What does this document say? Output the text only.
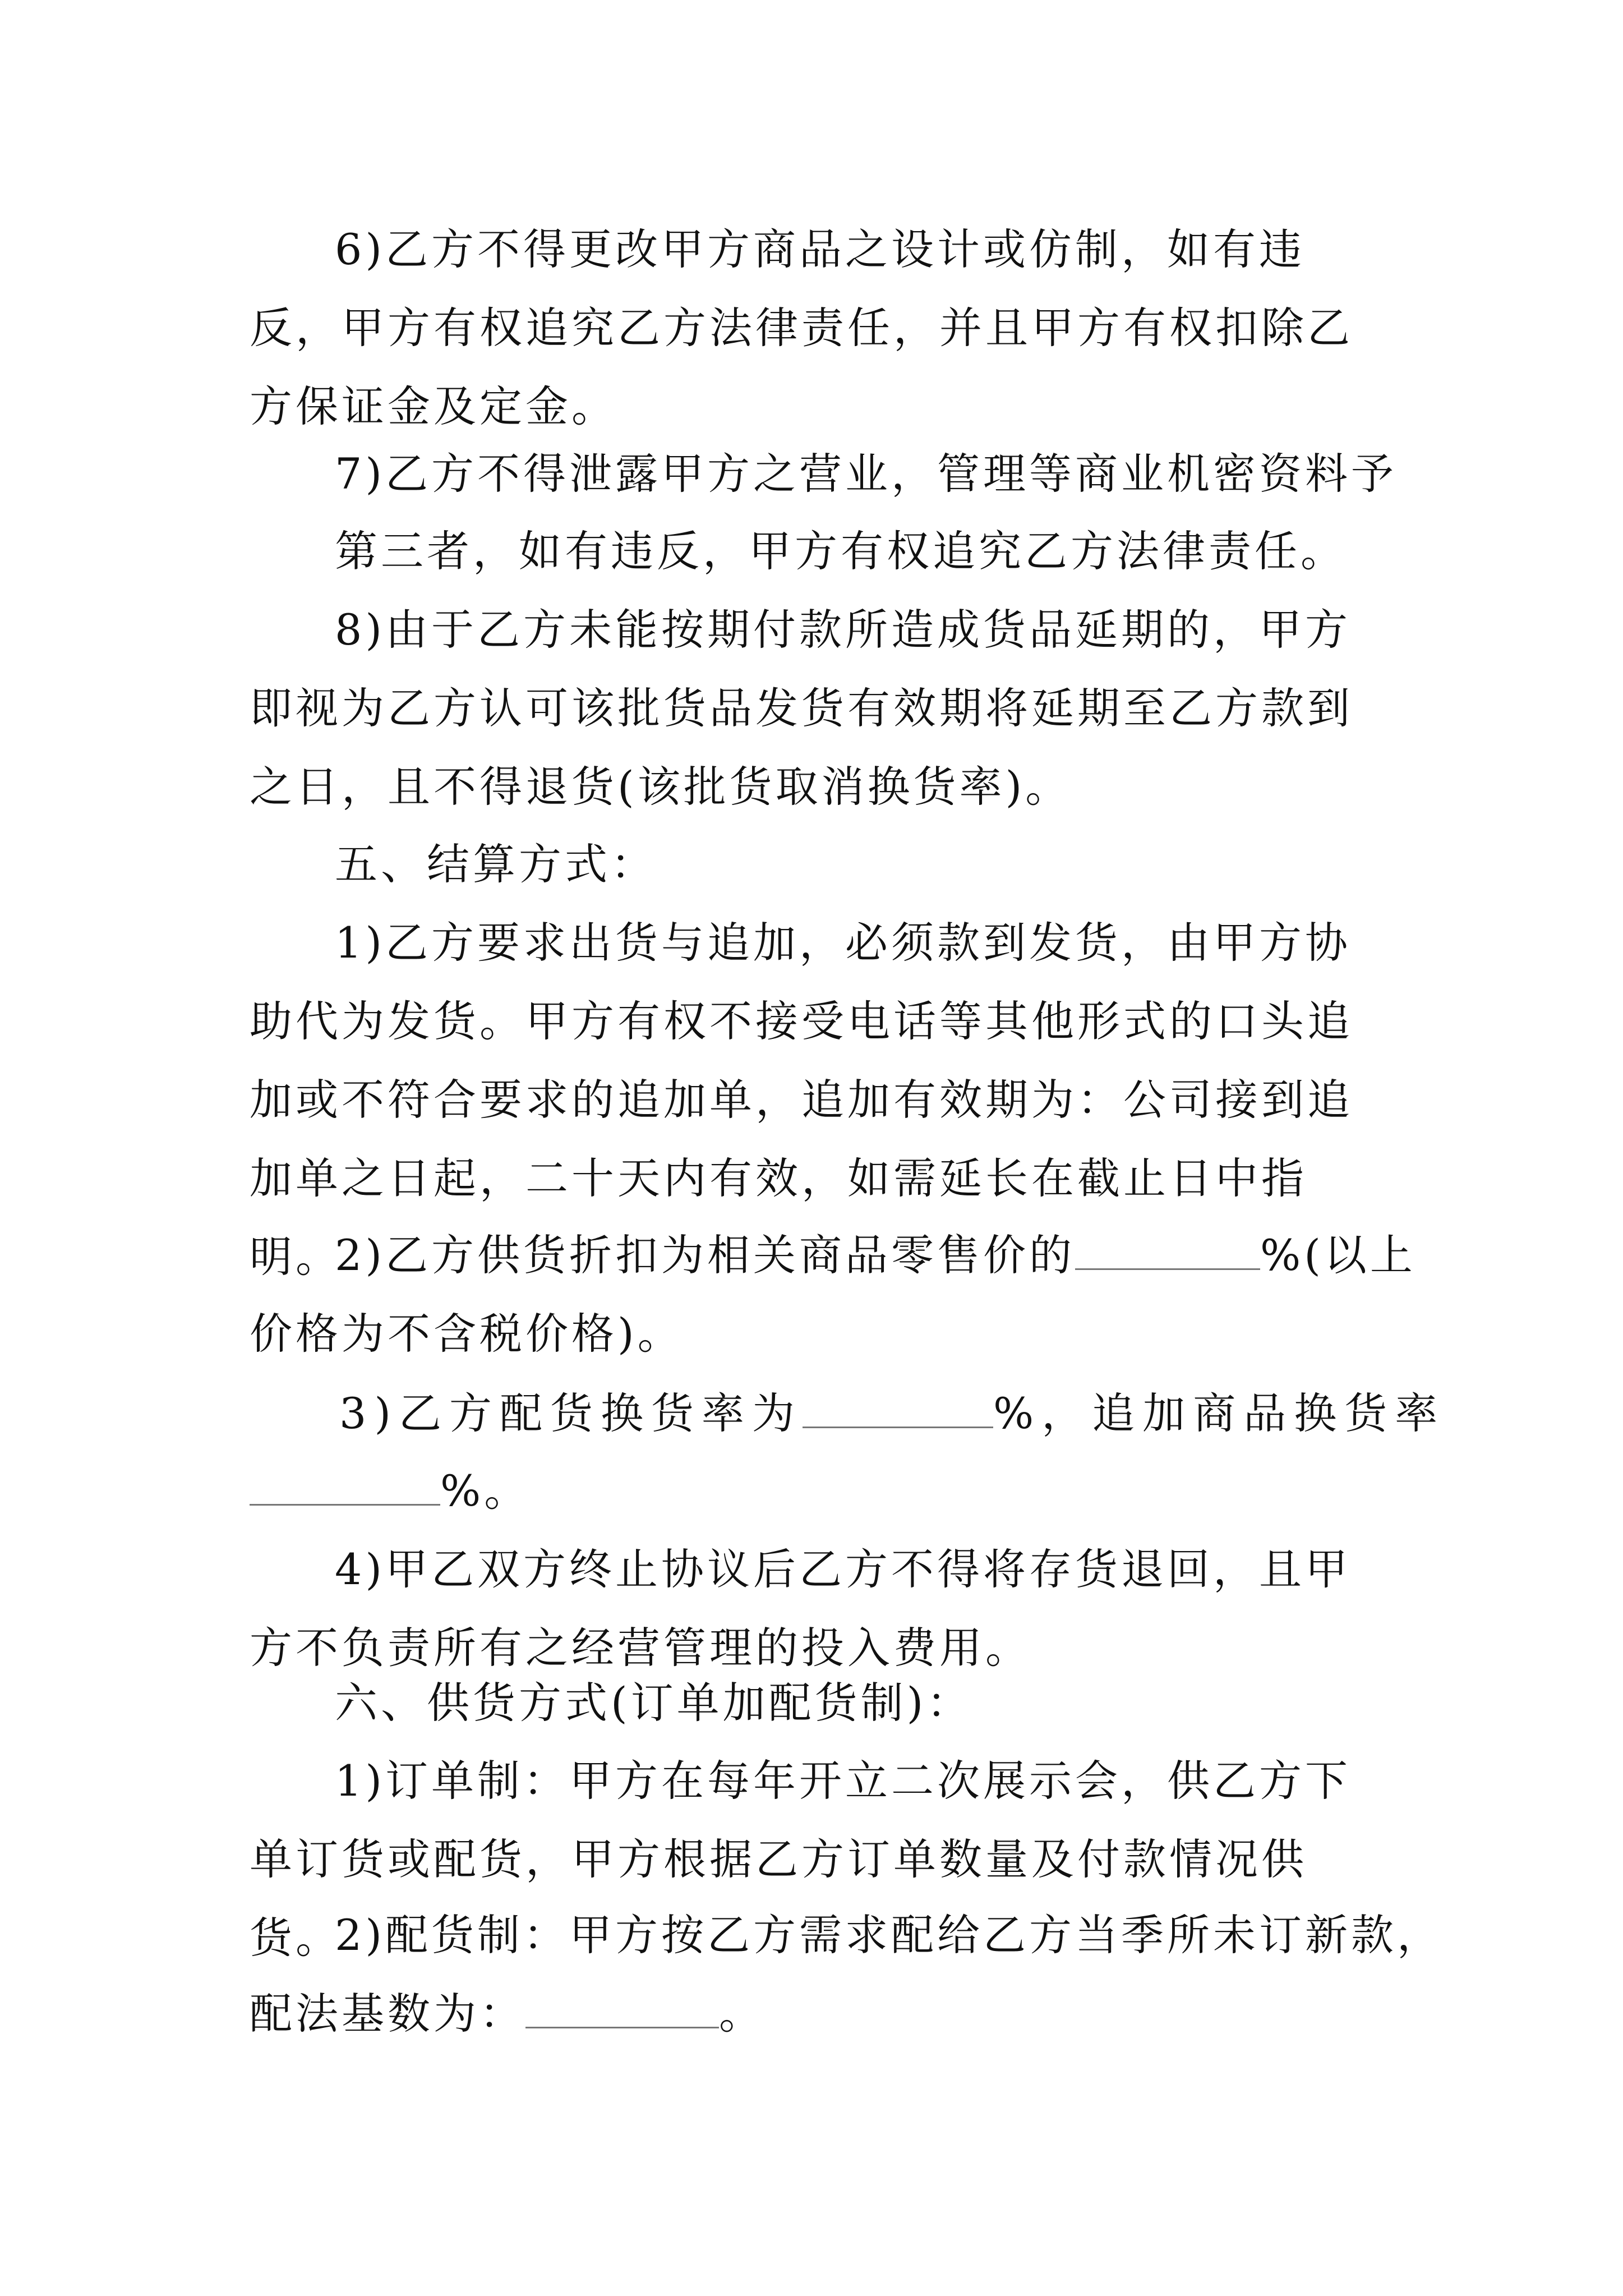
6)乙方不得更改甲方商品之设计或仿制，如有违反，甲方有权追究乙方法律责任，并且甲方有权扣除乙方保证金及定金。

7)乙方不得泄露甲方之营业，管理等商业机密资料予
第三者，如有违反，甲方有权追究乙方法律责任。

8)由于乙方未能按期付款所造成货品延期的，甲方即视为乙方认可该批货品发货有效期将延期至乙方款到之日，且不得退货(该批货取消换货率)。

五、结算方式：

1)乙方要求出货与追加，必须款到发货，由甲方协助代为发货。甲方有权不接受电话等其他形式的口头追加或不符合要求的追加单，追加有效期为：公司接到追加单之日起，二十天内有效，如需延长在截止日中指明。

2)乙方供货折扣为相关商品零售价的	%(以上
价格为不含税价格)。
3)乙方配货换货率为	%，追加商品换货率
%。

4)甲乙双方终止协议后乙方不得将存货退回，且甲方不负责所有之经营管理的投入费用。

六、供货方式(订单加配货制)：

1)订单制：甲方在每年开立二次展示会，供乙方下单订货或配货，甲方根据乙方订单数量及付款情况供货。

2)配货制：甲方按乙方需求配给乙方当季所未订新款，
配法基数为：	。
